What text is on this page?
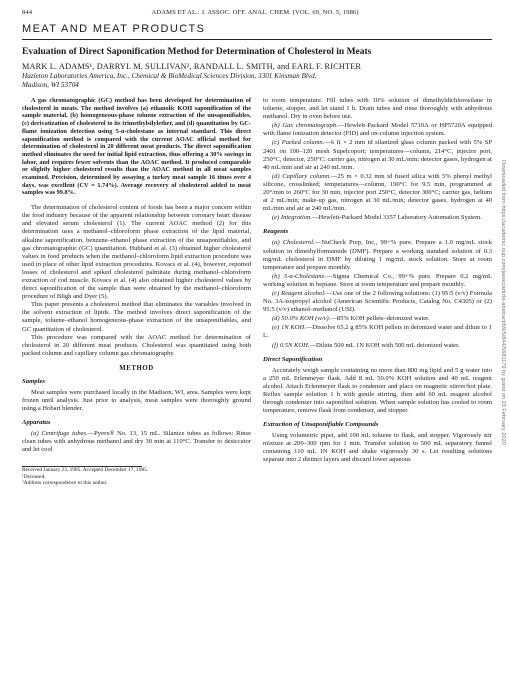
844	ADAMS ET AL.: J. ASSOC. OFF. ANAL. CHEM. (VOL. 69, NO. 5, 1986)
MEAT AND MEAT PRODUCTS
Evaluation of Direct Saponification Method for Determination of Cholesterol in Meats
MARK L. ADAMS¹, DARRYL M. SULLIVAN², RANDALL L. SMITH, and EARL F. RICHTER
Hazleton Laboratories America, Inc., Chemical & BioMedical Sciences Division, 3301 Kinsman Blvd,
Madison, WI 53704

A gas chromatographic (GC) method has been developed for determination of cholesterol in meats. The method involves (a) ethanolic KOH saponification of the sample material, (b) homogeneous-phase toluene extraction of the unsaponifiables, (c) derivatization of cholesterol to its trimethylsilylether, and (d) quantitation by GC-flame ionization detection using 5-α-cholestane as internal standard. This direct saponification method is compared with the current AOAC official method for determination of cholesterol in 20 different meat products. The direct saponification method eliminates the need for initial lipid extraction, thus offering a 30% savings in labor, and requires fewer solvents than the AOAC method. It produced comparable or slightly higher cholesterol results than the AOAC method in all meat samples examined. Precision, determined by assaying a turkey meat sample 16 times over 4 days, was excellent (CV = 1.74%). Average recovery of cholesterol added to meat samples was 99.8%.

The determination of cholesterol content of foods has been a major concern within the food industry because of the apparent relationship between coronary heart disease and elevated serum cholesterol (1). The current AOAC method (2) for this determination uses a methanol–chloroform phase extraction of the lipid material, alkaline saponification, benzene–ethanol phase extraction of the unsaponifiables, and gas chromatographic (GC) quantitation. Hubbard et al. (3) obtained higher cholesterol values in food products when the methanol–chloroform lipid extraction procedure was used in place of other lipid extraction procedures. Kovacs et al. (4), however, reported losses of cholesterol and spiked cholesterol palmitate during methanol–chloroform extraction of cod muscle. Kovacs et al. (4) also obtained higher cholesterol values by direct saponification of the sample than were obtained by the methanol–chloroform procedure of Bligh and Dyer (5).

This paper presents a cholesterol method that eliminates the variables involved in the solvent extraction of lipids. The method involves direct saponification of the sample, toluene–ethanol homogeneous-phase extraction of the unsaponifiables, and GC quantitation of cholesterol.

This procedure was compared with the AOAC method for determination of cholesterol in 20 different meat products. Cholesterol was quantitated using both packed column and capillary column gas chromatography.

METHOD
Samples

Meat samples were purchased locally in the Madison, WI, area. Samples were kept frozen until analysis. Just prior to analysis, meat samples were thoroughly ground using a Hobart blender.

Apparatus

(a) Centrifuge tubes.—Pyrex® No. 13, 15 mL. Silanize tubes as follows: Rinse clean tubes with anhydrous methanol and dry 30 min at 110°C. Transfer to desiccator and let cool

Received January 23, 1985. Accepted December 17, 1985.

¹Deceased.

²Address correspondence to this author.

to room temperature. Fill tubes with 10% solution of dimethyldichlorosilane in toluene, stopper, and let stand 1 h. Drain tubes and rinse thoroughly with anhydrous methanol. Dry in oven before use.

(b) Gas chromatograph.—Hewlett-Packard Model 5710A or HP5720A equipped with flame ionization detector (FID) and on-column injection system.

(c) Packed column.—6 ft × 2 mm id silanized glass column packed with 5% SP 2401 on 100–120 mesh Supelcoport; temperatures—column, 214°C, injector port, 250°C, detector, 250°C; carrier gas, nitrogen at 30 mL/min; detector gases, hydrogen at 40 mL/min and air at 240 mL/min.

(d) Capillary column.—25 m × 0.32 mm id fused silica with 5% phenyl methyl silicone, crosslinked; temperatures—column, 190°C for 9.5 min, programmed at 20°/min to 260°C for 30 min, injector port 250°C, detector 300°C; carrier gas, helium at 2 mL/min; make-up gas, nitrogen at 30 mL/min; detector gases, hydrogen at 40 mL/min and air at 240 mL/min.

(e) Integration.—Hewlett-Packard Model 3357 Laboratory Automation System.

Reagents

(a) Cholesterol.—NuCheck Prep, Inc., 99+% pure. Prepare a 1.0 mg/mL stock solution in dimethylformamide (DMF). Prepare a working standard solution of 0.3 mg/mL cholesterol in DMF by diluting 1 mg/mL stock solution. Store at room temperature and prepare monthly.

(b) 5-α-Cholestane.—Sigma Chemical Co., 99+% pure. Prepare 0.2 mg/mL working solution in heptane. Store at room temperature and prepare monthly.

(c) Reagent alcohol.—Use one of the 2 following solutions: (1) 95:5 (v/v) Formula No. 3A-isopropyl alcohol (American Scientific Products, Catalog No. C4305) or (2) 95:5 (v/v) ethanol–methanol (USI).

(d) 50.0% KOH (w/v).—85% KOH pellets–deionized water.

(e) 1N KOH.—Dissolve 65.2 g 85% KOH pellets in deionized water and dilute to 1 L.

(f) 0.5N KOH.—Dilute 500 mL 1N KOH with 500 mL deionized water.

Direct Saponification

Accurately weigh sample containing no more than 800 mg lipid and 5 g water into a 250 mL Erlenmeyer flask. Add 8 mL 50.0% KOH solution and 40 mL reagent alcohol. Attach Erlenmeyer flask to condenser and place on magnetic stirrer/hot plate. Reflux sample solution 1 h with gentle stirring, then add 60 mL reagent alcohol through condenser into saponified solution. When sample solution has cooled to room temperature, remove flask from condenser, and stopper.

Extraction of Unsaponifiable Compounds

Using volumetric pipet, add 100 mL toluene to flask, and stopper. Vigorously stir mixture at 200–300 rpm for 1 min. Transfer solution to 500 mL separatory funnel containing 110 mL 1N KOH and shake vigorously 30 s. Let resulting solutions separate into 2 distinct layers and discard lower aqueous

Downloaded from https://academic.oup.com/jaoac/article-abstract/69/5/844/5681179 by guest on 23 February 2020
